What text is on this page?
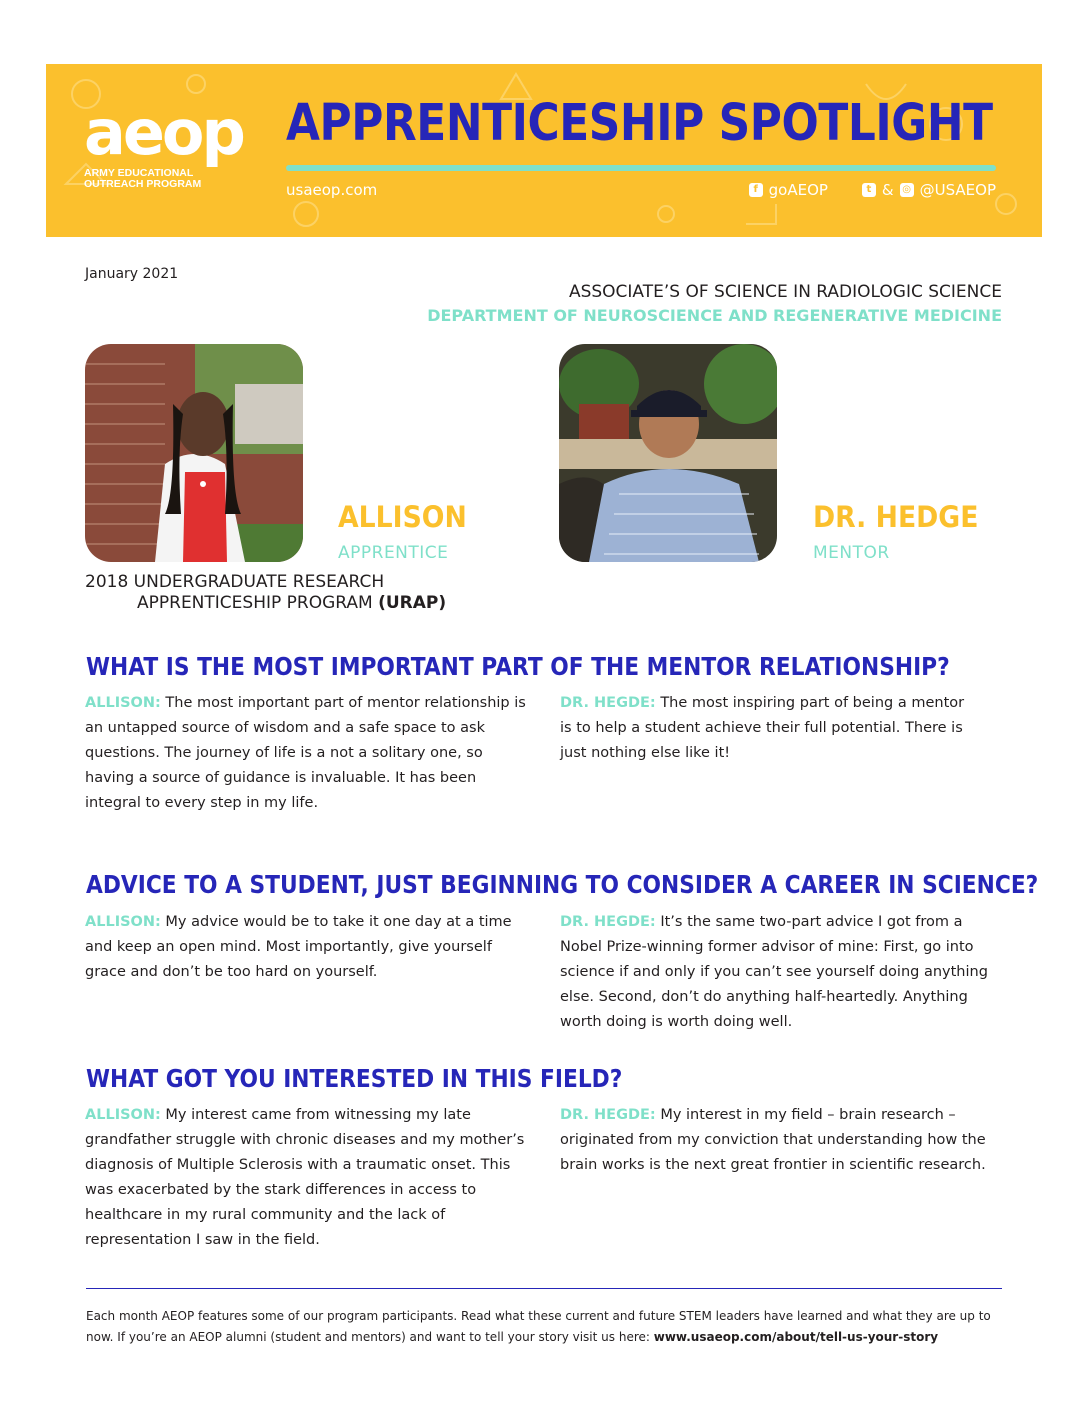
aeop
ARMY EDUCATIONAL
OUTREACH PROGRAM
APPRENTICESHIP SPOTLIGHT
usaeop.com	f goAEOP	t & ◎ @USAEOP
January 2021
ASSOCIATE’S OF SCIENCE IN RADIOLOGIC SCIENCE
DEPARTMENT OF NEUROSCIENCE AND REGENERATIVE MEDICINE
ALLISON
APPRENTICE
2018 UNDERGRADUATE RESEARCH
APPRENTICESHIP PROGRAM (URAP)
DR. HEDGE
MENTOR
WHAT IS THE MOST IMPORTANT PART OF THE MENTOR RELATIONSHIP?
ALLISON: The most important part of mentor relationship is an untapped source of wisdom and a safe space to ask questions. The journey of life is a not a solitary one, so having a source of guidance is invaluable. It has been integral to every step in my life.
DR. HEGDE: The most inspiring part of being a mentor is to help a student achieve their full potential. There is just nothing else like it!
ADVICE TO A STUDENT, JUST BEGINNING TO CONSIDER A CAREER IN SCIENCE?
ALLISON: My advice would be to take it one day at a time and keep an open mind. Most importantly, give yourself grace and don’t be too hard on yourself.
DR. HEGDE: It’s the same two-part advice I got from a Nobel Prize-winning former advisor of mine: First, go into science if and only if you can’t see yourself doing anything else. Second, don’t do anything half-heartedly. Anything worth doing is worth doing well.
WHAT GOT YOU INTERESTED IN THIS FIELD?
ALLISON: My interest came from witnessing my late grandfather struggle with chronic diseases and my mother’s diagnosis of Multiple Sclerosis with a traumatic onset. This was exacerbated by the stark differences in access to healthcare in my rural community and the lack of representation I saw in the field.
DR. HEGDE: My interest in my field – brain research – originated from my conviction that understanding how the brain works is the next great frontier in scientific research.
Each month AEOP features some of our program participants. Read what these current and future STEM leaders have learned and what they are up to now. If you’re an AEOP alumni (student and mentors) and want to tell your story visit us here: www.usaeop.com/about/tell-us-your-story
